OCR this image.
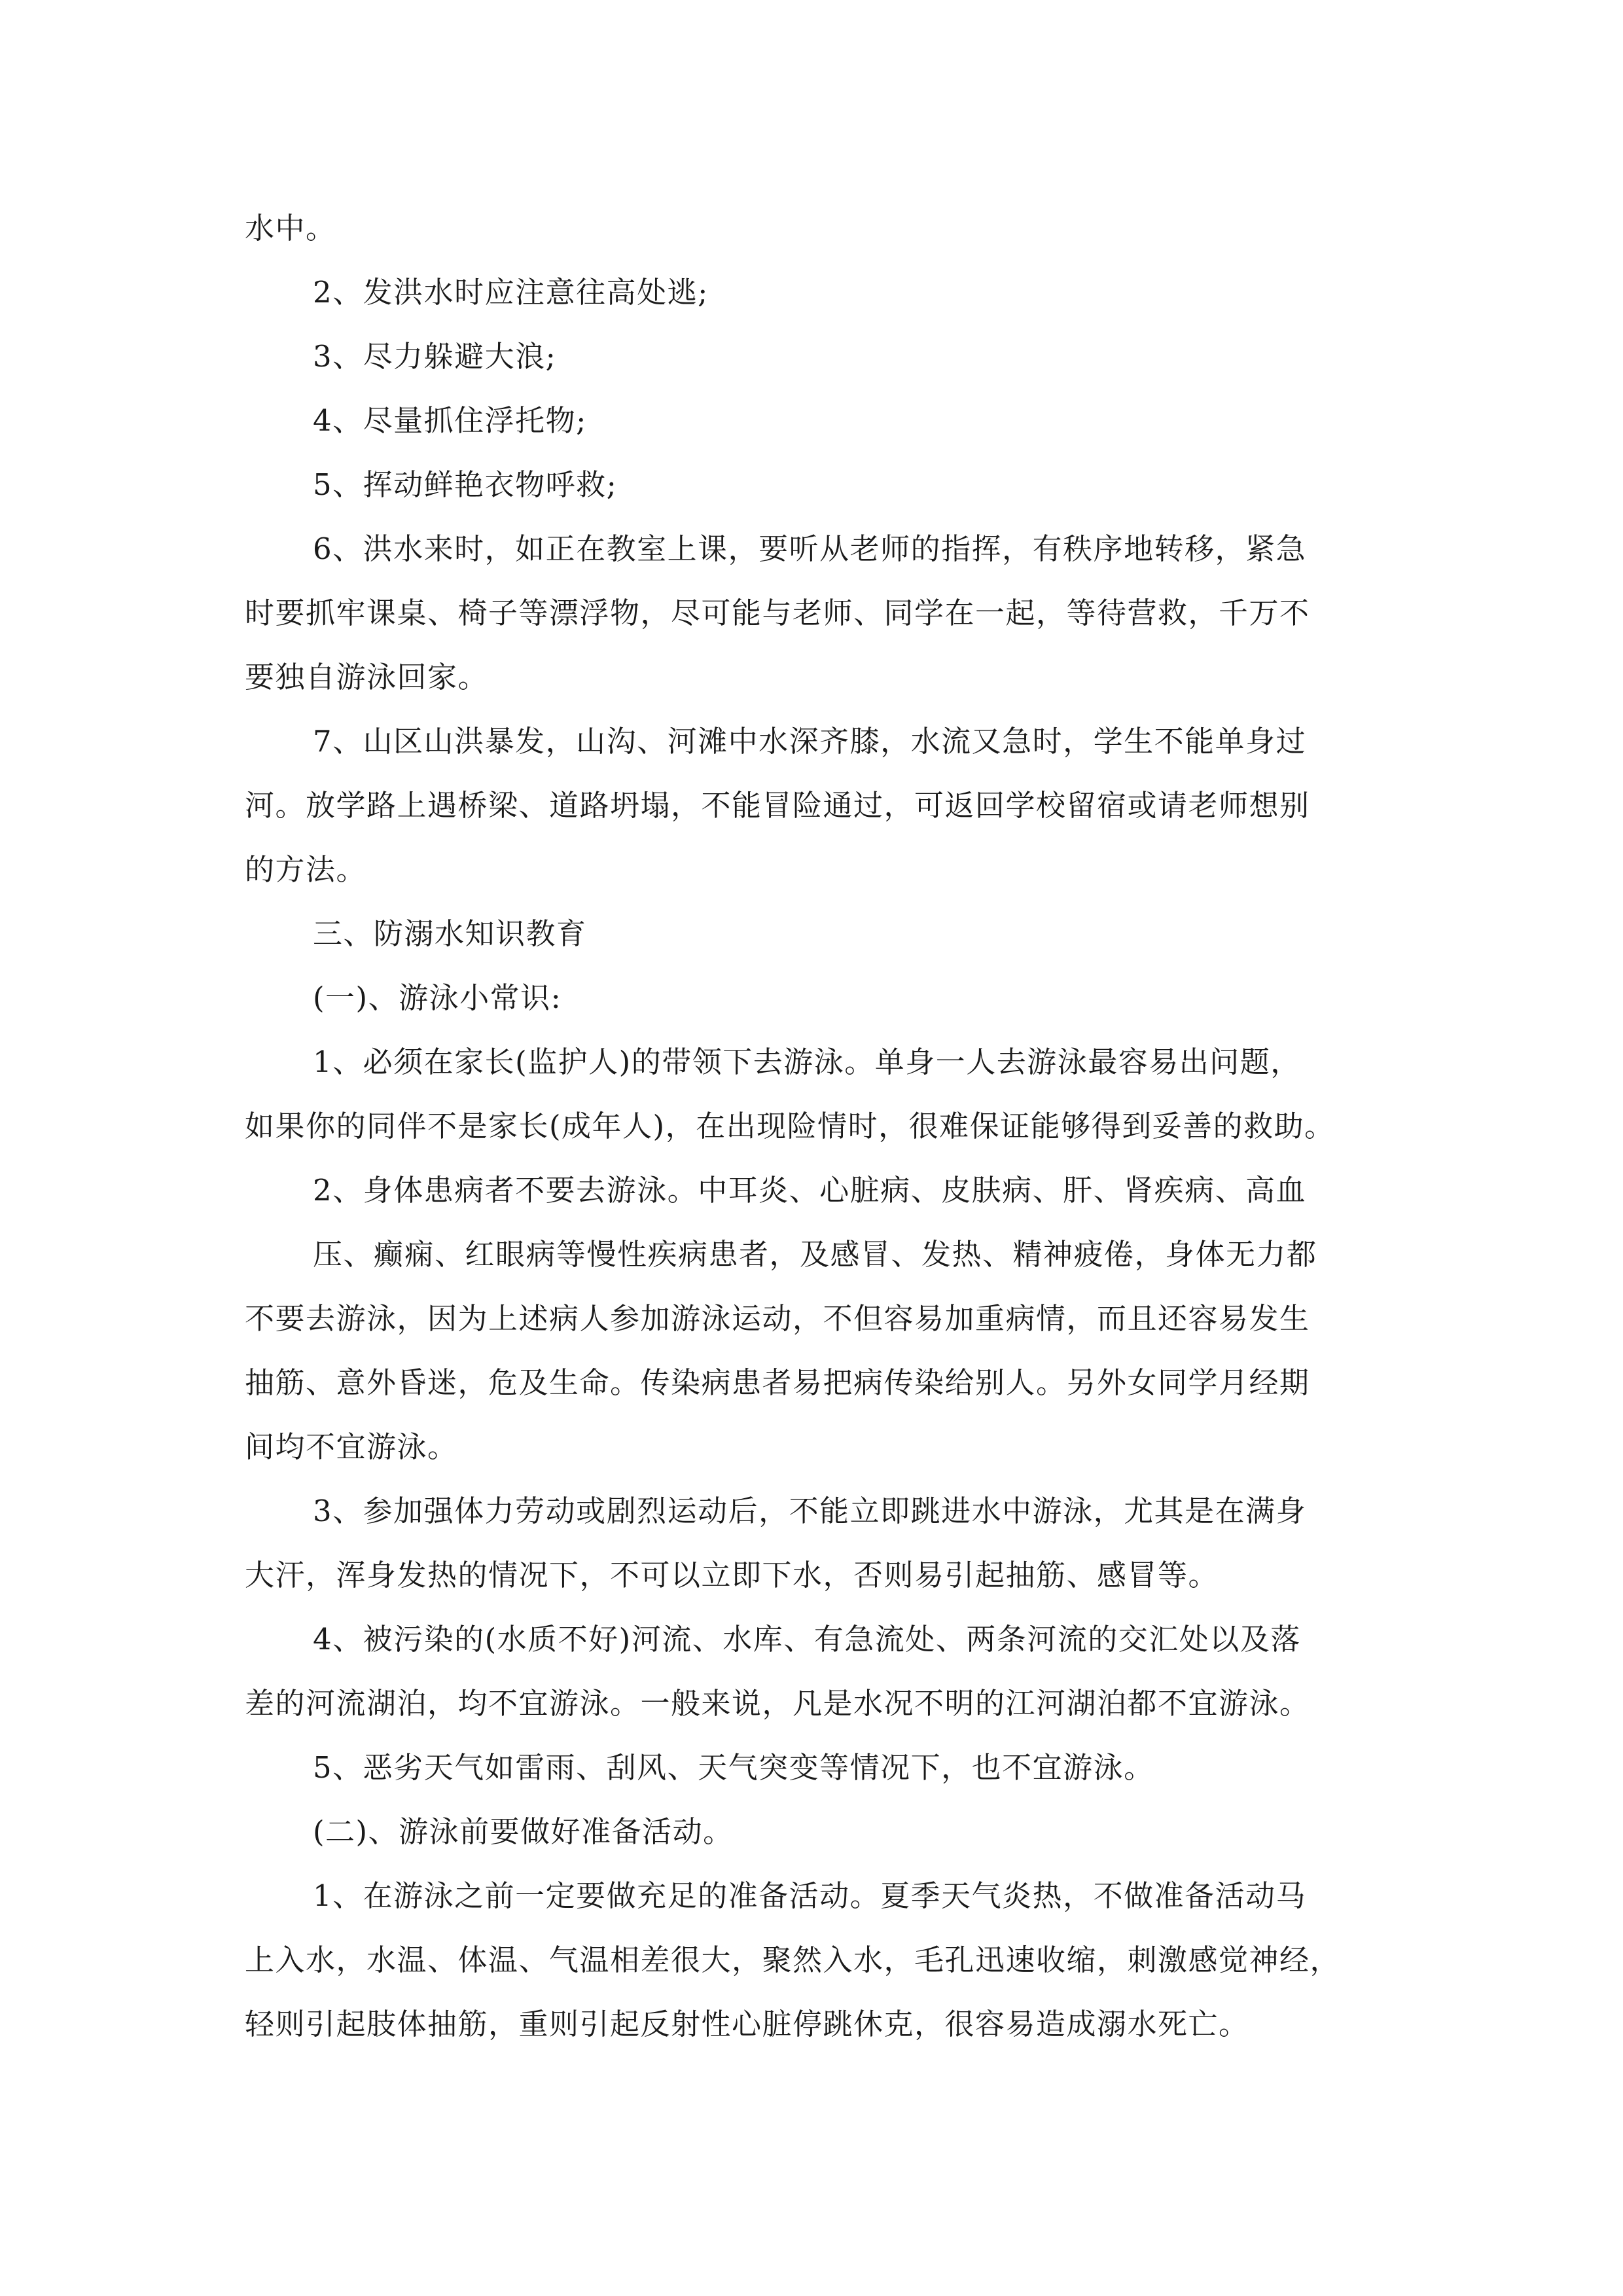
水中。
2、发洪水时应注意往高处逃;
3、尽力躲避大浪;
4、尽量抓住浮托物;
5、挥动鲜艳衣物呼救;
6、洪水来时，如正在教室上课，要听从老师的指挥，有秩序地转移，紧急
时要抓牢课桌、椅子等漂浮物，尽可能与老师、同学在一起，等待营救，千万不
要独自游泳回家。
7、山区山洪暴发，山沟、河滩中水深齐膝，水流又急时，学生不能单身过
河。放学路上遇桥梁、道路坍塌，不能冒险通过，可返回学校留宿或请老师想别
的方法。
三、防溺水知识教育
(一)、游泳小常识:
1、必须在家长(监护人)的带领下去游泳。单身一人去游泳最容易出问题，
如果你的同伴不是家长(成年人)，在出现险情时，很难保证能够得到妥善的救助。
2、身体患病者不要去游泳。中耳炎、心脏病、皮肤病、肝、肾疾病、高血
压、癫痫、红眼病等慢性疾病患者，及感冒、发热、精神疲倦，身体无力都
不要去游泳，因为上述病人参加游泳运动，不但容易加重病情，而且还容易发生
抽筋、意外昏迷，危及生命。传染病患者易把病传染给别人。另外女同学月经期
间均不宜游泳。
3、参加强体力劳动或剧烈运动后，不能立即跳进水中游泳，尤其是在满身
大汗，浑身发热的情况下，不可以立即下水，否则易引起抽筋、感冒等。
4、被污染的(水质不好)河流、水库、有急流处、两条河流的交汇处以及落
差的河流湖泊，均不宜游泳。一般来说，凡是水况不明的江河湖泊都不宜游泳。
5、恶劣天气如雷雨、刮风、天气突变等情况下，也不宜游泳。
(二)、游泳前要做好准备活动。
1、在游泳之前一定要做充足的准备活动。夏季天气炎热，不做准备活动马
上入水，水温、体温、气温相差很大，聚然入水，毛孔迅速收缩，刺激感觉神经，
轻则引起肢体抽筋，重则引起反射性心脏停跳休克，很容易造成溺水死亡。
